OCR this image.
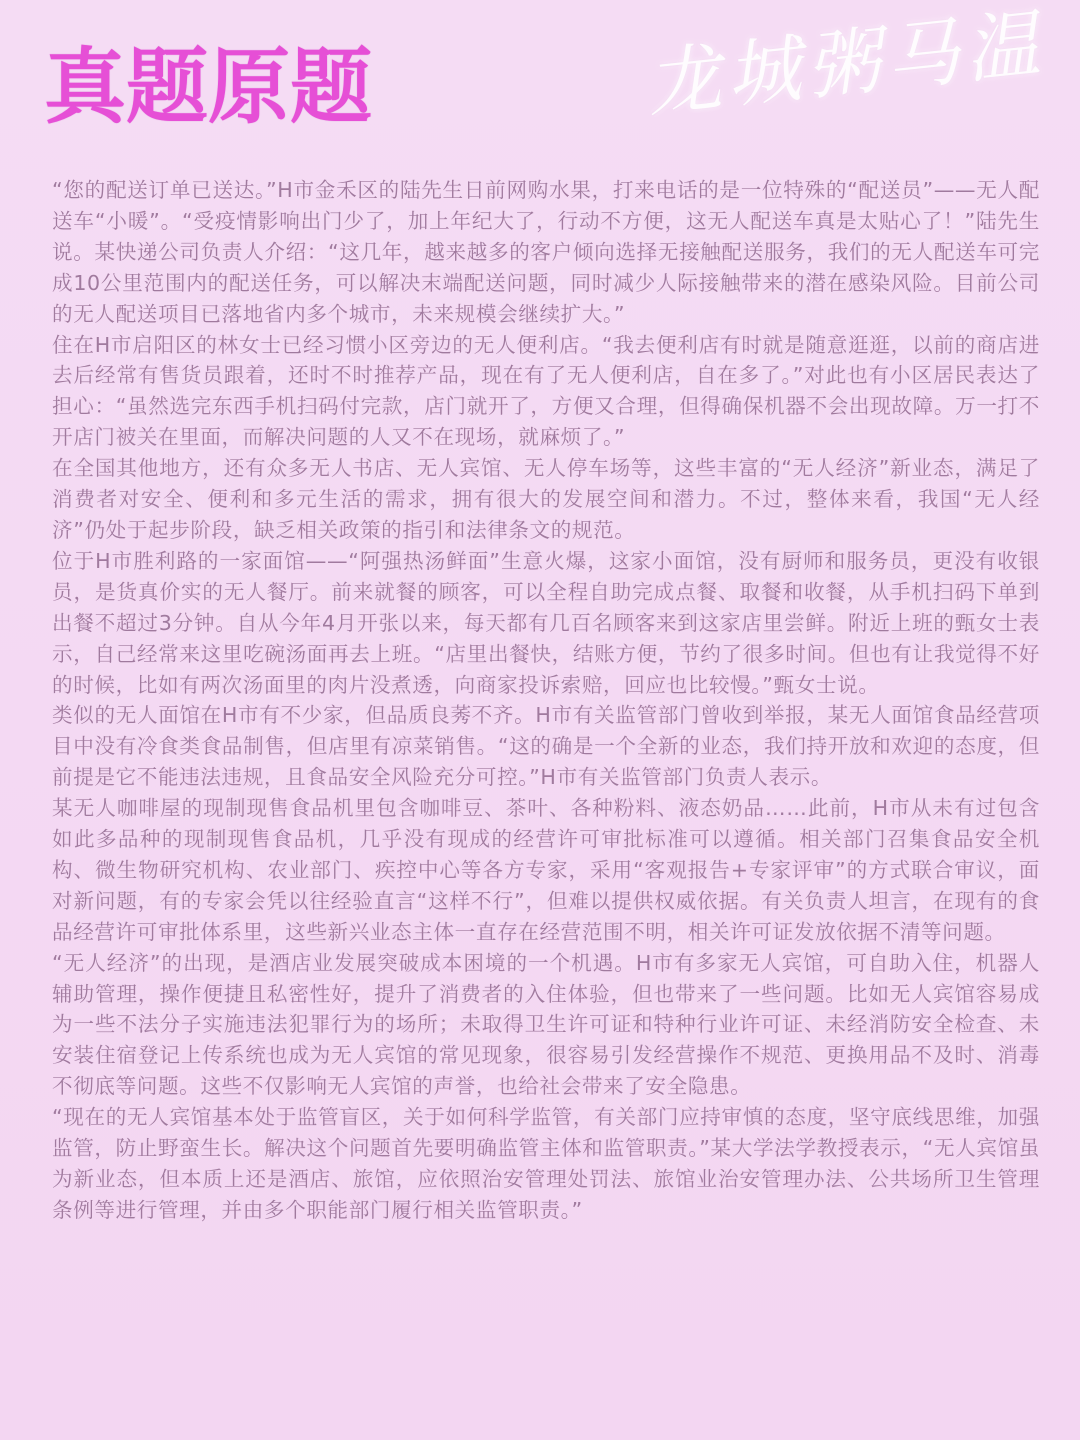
真题原题	龙城粥马温

“您的配送订单已送达。”H市金禾区的陆先生日前网购水果，打来电话的是一位特殊的“配送员”——无人配送车“小暖”。“受疫情影响出门少了，加上年纪大了，行动不方便，这无人配送车真是太贴心了！”陆先生说。某快递公司负责人介绍：“这几年，越来越多的客户倾向选择无接触配送服务，我们的无人配送车可完成10公里范围内的配送任务，可以解决末端配送问题，同时减少人际接触带来的潜在感染风险。目前公司的无人配送项目已落地省内多个城市，未来规模会继续扩大。”

住在H市启阳区的林女士已经习惯小区旁边的无人便利店。“我去便利店有时就是随意逛逛，以前的商店进去后经常有售货员跟着，还时不时推荐产品，现在有了无人便利店，自在多了。”对此也有小区居民表达了担心：“虽然选完东西手机扫码付完款，店门就开了，方便又合理，但得确保机器不会出现故障。万一打不开店门被关在里面，而解决问题的人又不在现场，就麻烦了。”

在全国其他地方，还有众多无人书店、无人宾馆、无人停车场等，这些丰富的“无人经济”新业态，满足了消费者对安全、便利和多元生活的需求，拥有很大的发展空间和潜力。不过，整体来看，我国“无人经济”仍处于起步阶段，缺乏相关政策的指引和法律条文的规范。

位于H市胜利路的一家面馆——“阿强热汤鲜面”生意火爆，这家小面馆，没有厨师和服务员，更没有收银员，是货真价实的无人餐厅。前来就餐的顾客，可以全程自助完成点餐、取餐和收餐，从手机扫码下单到出餐不超过3分钟。自从今年4月开张以来，每天都有几百名顾客来到这家店里尝鲜。附近上班的甄女士表示，自己经常来这里吃碗汤面再去上班。“店里出餐快，结账方便，节约了很多时间。但也有让我觉得不好的时候，比如有两次汤面里的肉片没煮透，向商家投诉索赔，回应也比较慢。”甄女士说。

类似的无人面馆在H市有不少家，但品质良莠不齐。H市有关监管部门曾收到举报，某无人面馆食品经营项目中没有冷食类食品制售，但店里有凉菜销售。“这的确是一个全新的业态，我们持开放和欢迎的态度，但前提是它不能违法违规，且食品安全风险充分可控。”H市有关监管部门负责人表示。

某无人咖啡屋的现制现售食品机里包含咖啡豆、茶叶、各种粉料、液态奶品……此前，H市从未有过包含如此多品种的现制现售食品机，几乎没有现成的经营许可审批标准可以遵循。相关部门召集食品安全机构、微生物研究机构、农业部门、疾控中心等各方专家，采用“客观报告+专家评审”的方式联合审议，面对新问题，有的专家会凭以往经验直言“这样不行”，但难以提供权威依据。有关负责人坦言，在现有的食品经营许可审批体系里，这些新兴业态主体一直存在经营范围不明，相关许可证发放依据不清等问题。

“无人经济”的出现，是酒店业发展突破成本困境的一个机遇。H市有多家无人宾馆，可自助入住，机器人辅助管理，操作便捷且私密性好，提升了消费者的入住体验，但也带来了一些问题。比如无人宾馆容易成为一些不法分子实施违法犯罪行为的场所；未取得卫生许可证和特种行业许可证、未经消防安全检查、未安装住宿登记上传系统也成为无人宾馆的常见现象，很容易引发经营操作不规范、更换用品不及时、消毒不彻底等问题。这些不仅影响无人宾馆的声誉，也给社会带来了安全隐患。

“现在的无人宾馆基本处于监管盲区，关于如何科学监管，有关部门应持审慎的态度，坚守底线思维，加强监管，防止野蛮生长。解决这个问题首先要明确监管主体和监管职责。”某大学法学教授表示，“无人宾馆虽为新业态，但本质上还是酒店、旅馆，应依照治安管理处罚法、旅馆业治安管理办法、公共场所卫生管理条例等进行管理，并由多个职能部门履行相关监管职责。”
